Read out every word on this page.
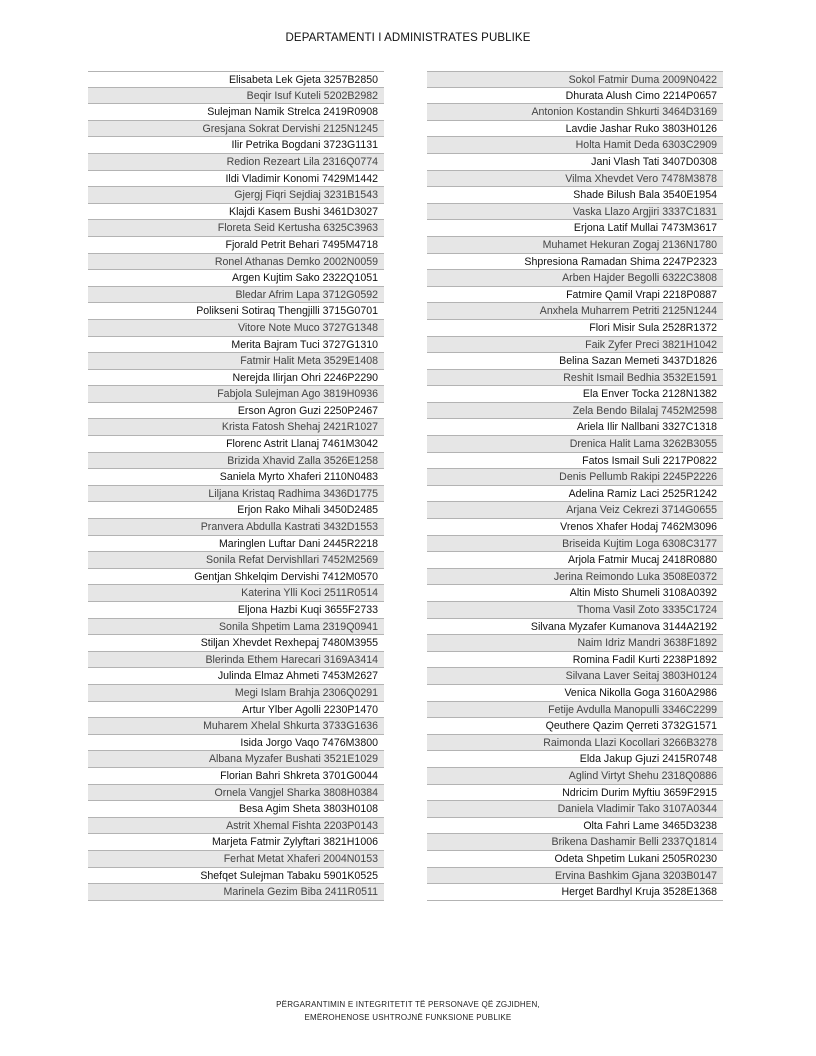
DEPARTAMENTI I ADMINISTRATES PUBLIKE
Elisabeta Lek Gjeta 3257B2850
Beqir Isuf Kuteli 5202B2982
Sulejman Namik Strelca 2419R0908
Gresjana Sokrat Dervishi 2125N1245
Ilir Petrika Bogdani 3723G1131
Redion Rezeart Lila 2316Q0774
Ildi Vladimir Konomi 7429M1442
Gjergj Fiqri Sejdiaj 3231B1543
Klajdi Kasem Bushi 3461D3027
Floreta Seid Kertusha 6325C3963
Fjorald Petrit Behari 7495M4718
Ronel Athanas Demko 2002N0059
Argen Kujtim Sako 2322Q1051
Bledar Afrim Lapa 3712G0592
Polikseni Sotiraq Thengjilli 3715G0701
Vitore Note Muco 3727G1348
Merita Bajram Tuci 3727G1310
Fatmir Halit Meta 3529E1408
Nerejda Ilirjan Ohri 2246P2290
Fabjola Sulejman Ago 3819H0936
Erson Agron Guzi 2250P2467
Krista Fatosh Shehaj 2421R1027
Florenc Astrit Llanaj 7461M3042
Brizida Xhavid Zalla 3526E1258
Saniela Myrto Xhaferi 2110N0483
Liljana Kristaq Radhima 3436D1775
Erjon Rako Mihali 3450D2485
Pranvera Abdulla Kastrati 3432D1553
Maringlen Luftar Dani 2445R2218
Sonila Refat Dervishllari 7452M2569
Gentjan Shkelqim Dervishi 7412M0570
Katerina Ylli Koci 2511R0514
Eljona Hazbi Kuqi 3655F2733
Sonila Shpetim Lama 2319Q0941
Stiljan Xhevdet Rexhepaj 7480M3955
Blerinda Ethem Harecari 3169A3414
Julinda Elmaz Ahmeti 7453M2627
Megi Islam Brahja 2306Q0291
Artur Ylber Agolli 2230P1470
Muharem Xhelal Shkurta 3733G1636
Isida Jorgo Vaqo 7476M3800
Albana Myzafer Bushati 3521E1029
Florian Bahri Shkreta 3701G0044
Ornela Vangjel Sharka 3808H0384
Besa Agim Sheta 3803H0108
Astrit Xhemal Fishta 2203P0143
Marjeta Fatmir Zylyftari 3821H1006
Ferhat Metat Xhaferi 2004N0153
Shefqet Sulejman Tabaku 5901K0525
Marinela Gezim Biba 2411R0511
Sokol Fatmir Duma 2009N0422
Dhurata Alush Cimo 2214P0657
Antonion Kostandin Shkurti 3464D3169
Lavdie Jashar Ruko 3803H0126
Holta Hamit Deda 6303C2909
Jani Vlash Tati 3407D0308
Vilma Xhevdet Vero 7478M3878
Shade Bilush Bala 3540E1954
Vaska Llazo Argjiri 3337C1831
Erjona Latif Mullai 7473M3617
Muhamet Hekuran Zogaj 2136N1780
Shpresiona Ramadan Shima 2247P2323
Arben Hajder Begolli 6322C3808
Fatmire Qamil Vrapi 2218P0887
Anxhela Muharrem Petriti 2125N1244
Flori Misir Sula 2528R1372
Faik Zyfer Preci 3821H1042
Belina Sazan Memeti 3437D1826
Reshit Ismail Bedhia 3532E1591
Ela Enver Tocka 2128N1382
Zela Bendo Bilalaj 7452M2598
Ariela Ilir Nallbani 3327C1318
Drenica Halit Lama 3262B3055
Fatos Ismail Suli 2217P0822
Denis Pellumb Rakipi 2245P2226
Adelina Ramiz Laci 2525R1242
Arjana Veiz Cekrezi 3714G0655
Vrenos Xhafer Hodaj 7462M3096
Briseida Kujtim Loga 6308C3177
Arjola Fatmir Mucaj 2418R0880
Jerina Reimondo Luka 3508E0372
Altin Misto Shumeli 3108A0392
Thoma Vasil Zoto 3335C1724
Silvana Myzafer Kumanova 3144A2192
Naim Idriz Mandri 3638F1892
Romina Fadil Kurti 2238P1892
Silvana Laver Seitaj 3803H0124
Venica Nikolla Goga 3160A2986
Fetije Avdulla Manopulli 3346C2299
Qeuthere Qazim Qerreti 3732G1571
Raimonda Llazi Kocollari 3266B3278
Elda Jakup Gjuzi 2415R0748
Aglind Virtyt Shehu 2318Q0886
Ndricim Durim Myftiu 3659F2915
Daniela Vladimir Tako 3107A0344
Olta Fahri Lame 3465D3238
Brikena Dashamir Belli 2337Q1814
Odeta Shpetim Lukani 2505R0230
Ervina Bashkim Gjana 3203B0147
Herget Bardhyl Kruja 3528E1368
PËRGARANTIMIN E INTEGRITETIT TË PERSONAVE QË ZGJIDHEN,
EMËROHENOSE USHTROJNË FUNKSIONE PUBLIKE
